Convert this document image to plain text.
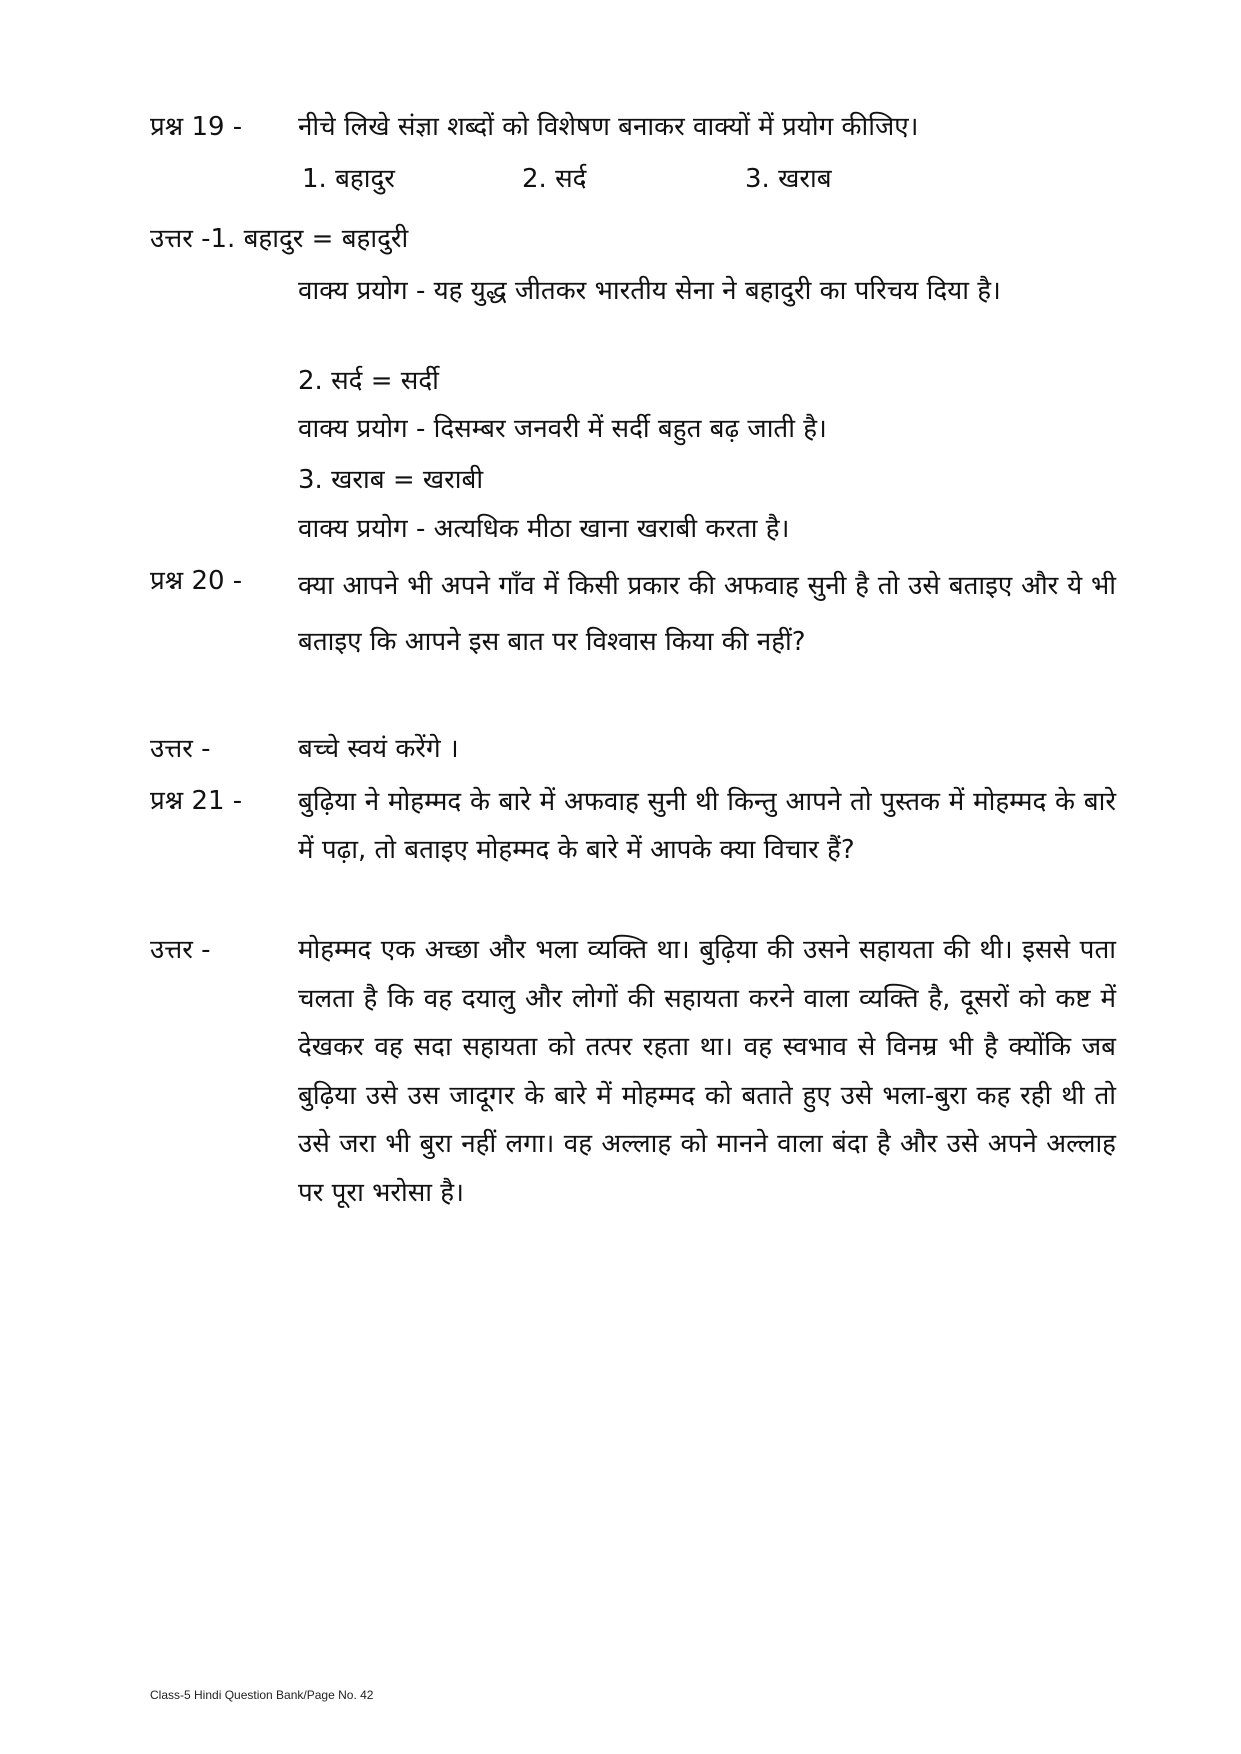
प्रश्न 19 - नीचे लिखे संज्ञा शब्दों को विशेषण बनाकर वाक्यों में प्रयोग कीजिए।
1. बहादुर	2. सर्द	3. खराब
उत्तर -1. बहादुर = बहादुरी

वाक्य प्रयोग - यह युद्ध जीतकर भारतीय सेना ने बहादुरी का परिचय दिया है।

2. सर्द = सर्दी
वाक्य प्रयोग - दिसम्बर जनवरी में सर्दी बहुत बढ़ जाती है।
3. खराब = खराबी
वाक्य प्रयोग - अत्यधिक मीठा खाना खराबी करता है।
प्रश्न 20 - क्या आपने भी अपने गाँव में किसी प्रकार की अफवाह सुनी है तो उसे बताइए और ये भी बताइए कि आपने इस बात पर विश्वास किया की नहीं?

उत्तर -	बच्चे स्वयं करेंगे ।
प्रश्न 21 - बुढ़िया ने मोहम्मद के बारे में अफवाह सुनी थी किन्तु आपने तो पुस्तक में मोहम्मद के बारे में पढ़ा, तो बताइए मोहम्मद के बारे में आपके क्या विचार हैं?

उत्तर -	मोहम्मद एक अच्छा और भला व्यक्ति था। बुढ़िया की उसने सहायता की थी। इससे पता चलता है कि वह दयालु और लोगों की सहायता करने वाला व्यक्ति है, दूसरों को कष्ट में देखकर वह सदा सहायता को तत्पर रहता था। वह स्वभाव से विनम्र भी है क्योंकि जब बुढ़िया उसे उस जादूगर के बारे में मोहम्मद को बताते हुए उसे भला-बुरा कह रही थी तो उसे जरा भी बुरा नहीं लगा। वह अल्लाह को मानने वाला बंदा है और उसे अपने अल्लाह पर पूरा भरोसा है।

Class-5 Hindi Question Bank/Page No. 42
